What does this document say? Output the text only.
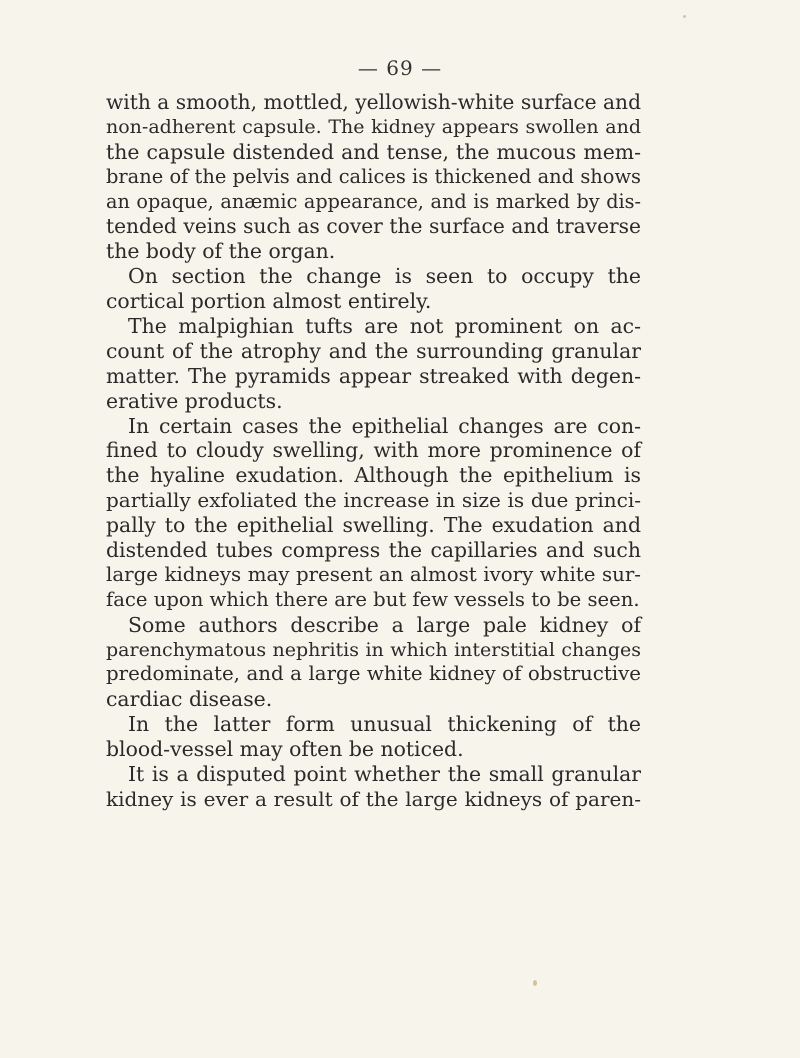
— 69 —
with a smooth, mottled, yellowish-white surface and
non-adherent capsule. The kidney appears swollen and
the capsule distended and tense, the mucous mem-
brane of the pelvis and calices is thickened and shows
an opaque, anæmic appearance, and is marked by dis-
tended veins such as cover the surface and traverse
the body of the organ.
On section the change is seen to occupy the
cortical portion almost entirely.
The malpighian tufts are not prominent on ac-
count of the atrophy and the surrounding granular
matter. The pyramids appear streaked with degen-
erative products.
In certain cases the epithelial changes are con-
fined to cloudy swelling, with more prominence of
the hyaline exudation. Although the epithelium is
partially exfoliated the increase in size is due princi-
pally to the epithelial swelling. The exudation and
distended tubes compress the capillaries and such
large kidneys may present an almost ivory white sur-
face upon which there are but few vessels to be seen.
Some authors describe a large pale kidney of
parenchymatous nephritis in which interstitial changes
predominate, and a large white kidney of obstructive
cardiac disease.
In the latter form unusual thickening of the
blood-vessel may often be noticed.
It is a disputed point whether the small granular
kidney is ever a result of the large kidneys of paren-
